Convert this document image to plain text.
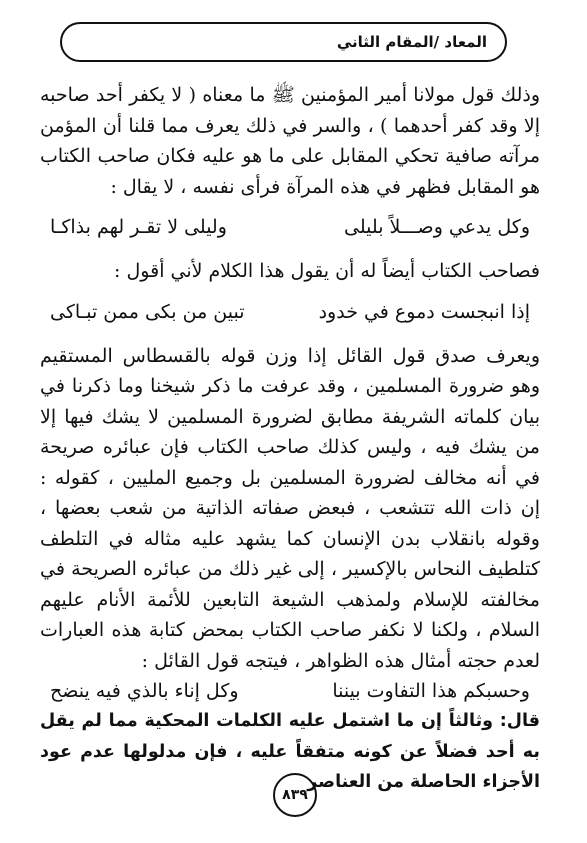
المعاد /المقام الثاني

وذلك قول مولانا أمير المؤمنين ﷺ ما معناه ( لا يكفر أحد صاحبه إلا وقد كفر أحدهما ) ، والسر في ذلك يعرف مما قلنا أن المؤمن مرآته صافية تحكي المقابل على ما هو عليه فكان صاحب الكتاب هو المقابل فظهر في هذه المرآة فرأى نفسه ، لا يقال :

وكل يدعي وصـــلاً بليلى
وليلى لا تقـر لهم بذاكـا

فصاحب الكتاب أيضاً له أن يقول هذا الكلام لأني أقول :

إذا انبجست دموع في خدود
تبين من بكى ممن تبـاكى

ويعرف صدق قول القائل إذا وزن قوله بالقسطاس المستقيم وهو ضرورة المسلمين ، وقد عرفت ما ذكر شيخنا وما ذكرنا في بيان كلماته الشريفة مطابق لضرورة المسلمين لا يشك فيها إلا من يشك فيه ، وليس كذلك صاحب الكتاب فإن عبائره صريحة في أنه مخالف لضرورة المسلمين بل وجميع المليين ، كقوله : إن ذات الله تتشعب ، فبعض صفاته الذاتية من شعب بعضها ، وقوله بانقلاب بدن الإنسان كما يشهد عليه مثاله في التلطف كتلطيف النحاس بالإكسير ، إلى غير ذلك من عبائره الصريحة في مخالفته للإسلام ولمذهب الشيعة التابعين للأئمة الأنام عليهم السلام ، ولكنا لا نكفر صاحب الكتاب بمحض كتابة هذه العبارات لعدم حجته أمثال هذه الظواهر ، فيتجه قول القائل :

وحسبكم هذا التفاوت بيننا
وكل إناء بالذي فيه ينضح

قال: وثالثاً إن ما اشتمل عليه الكلمات المحكية مما لم يقل به أحد فضلاً عن كونه متفقاً عليه ، فإن مدلولها عدم عود الأجزاء الحاصلة من العناصر

٨٣٩
